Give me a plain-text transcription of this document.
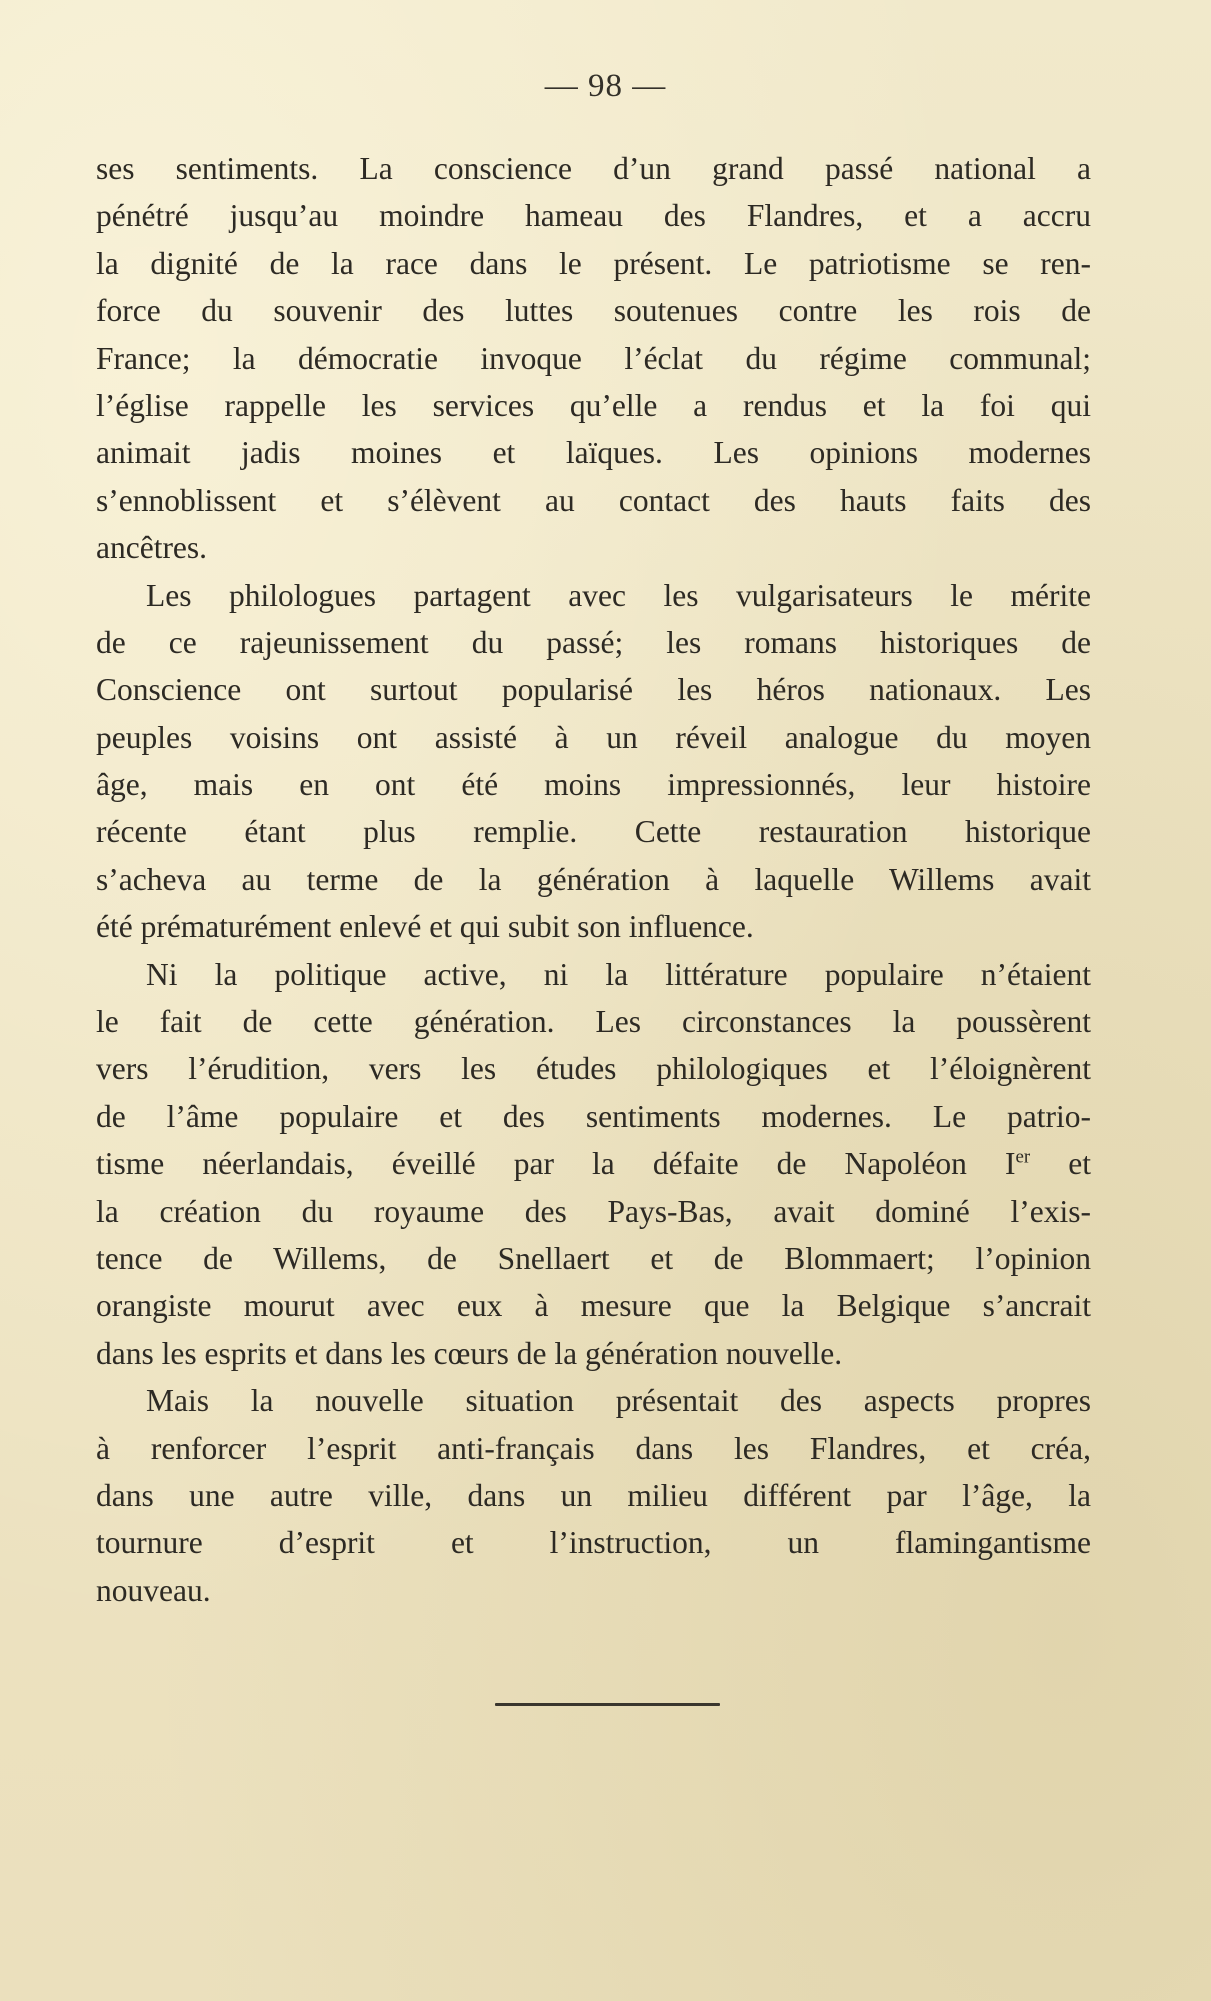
— 98 —
ses sentiments. La conscience d’un grand passé national a
pénétré jusqu’au moindre hameau des Flandres, et a accru
la dignité de la race dans le présent. Le patriotisme se ren-
force du souvenir des luttes soutenues contre les rois de
France; la démocratie invoque l’éclat du régime communal;
l’église rappelle les services qu’elle a rendus et la foi qui
animait jadis moines et laïques. Les opinions modernes
s’ennoblissent et s’élèvent au contact des hauts faits des
ancêtres.
Les philologues partagent avec les vulgarisateurs le mérite
de ce rajeunissement du passé; les romans historiques de
Conscience ont surtout popularisé les héros nationaux. Les
peuples voisins ont assisté à un réveil analogue du moyen
âge, mais en ont été moins impressionnés, leur histoire
récente étant plus remplie. Cette restauration historique
s’acheva au terme de la génération à laquelle Willems avait
été prématurément enlevé et qui subit son influence.
Ni la politique active, ni la littérature populaire n’étaient
le fait de cette génération. Les circonstances la poussèrent
vers l’érudition, vers les études philologiques et l’éloignèrent
de l’âme populaire et des sentiments modernes. Le patrio-
tisme néerlandais, éveillé par la défaite de Napoléon Ier et
la création du royaume des Pays-Bas, avait dominé l’exis-
tence de Willems, de Snellaert et de Blommaert; l’opinion
orangiste mourut avec eux à mesure que la Belgique s’ancrait
dans les esprits et dans les cœurs de la génération nouvelle.
Mais la nouvelle situation présentait des aspects propres
à renforcer l’esprit anti-français dans les Flandres, et créa,
dans une autre ville, dans un milieu différent par l’âge, la
tournure d’esprit et l’instruction, un flamingantisme
nouveau.
